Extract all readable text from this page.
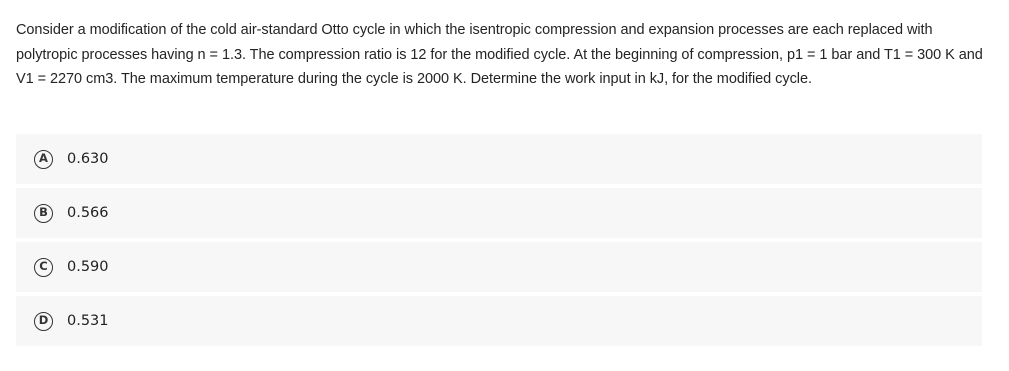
Consider a modification of the cold air-standard Otto cycle in which the isentropic compression and expansion processes are each replaced with polytropic processes having n = 1.3. The compression ratio is 12 for the modified cycle. At the beginning of compression, p1 = 1 bar and T1 = 300 K and V1 = 2270 cm3. The maximum temperature during the cycle is 2000 K. Determine the work input in kJ, for the modified cycle.
A	0.630
B	0.566
C	0.590
D	0.531
